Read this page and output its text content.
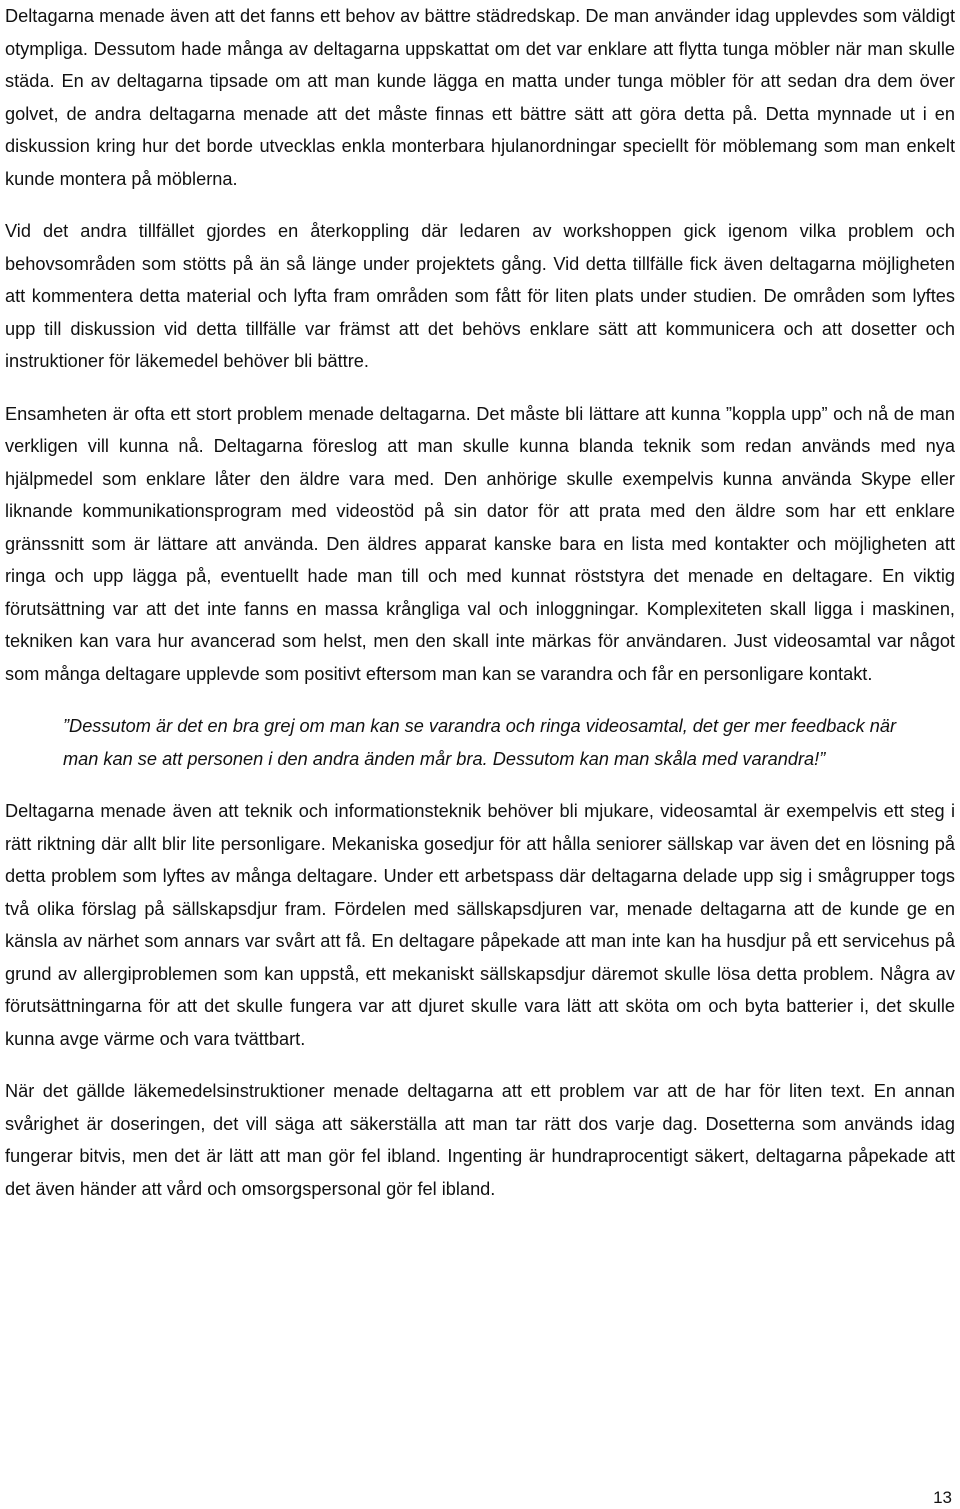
Deltagarna menade även att det fanns ett behov av bättre städredskap. De man använder idag upplevdes som väldigt otympliga. Dessutom hade många av deltagarna uppskattat om det var enklare att flytta tunga möbler när man skulle städa. En av deltagarna tipsade om att man kunde lägga en matta under tunga möbler för att sedan dra dem över golvet, de andra deltagarna menade att det måste finnas ett bättre sätt att göra detta på. Detta mynnade ut i en diskussion kring hur det borde utvecklas enkla monterbara hjulanordningar speciellt för möblemang som man enkelt kunde montera på möblerna.

Vid det andra tillfället gjordes en återkoppling där ledaren av workshoppen gick igenom vilka problem och behovsområden som stötts på än så länge under projektets gång. Vid detta tillfälle fick även deltagarna möjligheten att kommentera detta material och lyfta fram områden som fått för liten plats under studien. De områden som lyftes upp till diskussion vid detta tillfälle var främst att det behövs enklare sätt att kommunicera och att dosetter och instruktioner för läkemedel behöver bli bättre.

Ensamheten är ofta ett stort problem menade deltagarna. Det måste bli lättare att kunna ”koppla upp” och nå de man verkligen vill kunna nå. Deltagarna föreslog att man skulle kunna blanda teknik som redan används med nya hjälpmedel som enklare låter den äldre vara med. Den anhörige skulle exempelvis kunna använda Skype eller liknande kommunikationsprogram med videostöd på sin dator för att prata med den äldre som har ett enklare gränssnitt som är lättare att använda. Den äldres apparat kanske bara en lista med kontakter och möjligheten att ringa och upp lägga på, eventuellt hade man till och med kunnat röststyra det menade en deltagare. En viktig förutsättning var att det inte fanns en massa krångliga val och inloggningar. Komplexiteten skall ligga i maskinen, tekniken kan vara hur avancerad som helst, men den skall inte märkas för användaren. Just videosamtal var något som många deltagare upplevde som positivt eftersom man kan se varandra och får en personligare kontakt.

”Dessutom är det en bra grej om man kan se varandra och ringa videosamtal, det ger mer feedback när man kan se att personen i den andra änden mår bra. Dessutom kan man skåla med varandra!”

Deltagarna menade även att teknik och informationsteknik behöver bli mjukare, videosamtal är exempelvis ett steg i rätt riktning där allt blir lite personligare. Mekaniska gosedjur för att hålla seniorer sällskap var även det en lösning på detta problem som lyftes av många deltagare. Under ett arbetspass där deltagarna delade upp sig i smågrupper togs två olika förslag på sällskapsdjur fram. Fördelen med sällskapsdjuren var, menade deltagarna att de kunde ge en känsla av närhet som annars var svårt att få. En deltagare påpekade att man inte kan ha husdjur på ett servicehus på grund av allergiproblemen som kan uppstå, ett mekaniskt sällskapsdjur däremot skulle lösa detta problem. Några av förutsättningarna för att det skulle fungera var att djuret skulle vara lätt att sköta om och byta batterier i, det skulle kunna avge värme och vara tvättbart.

När det gällde läkemedelsinstruktioner menade deltagarna att ett problem var att de har för liten text. En annan svårighet är doseringen, det vill säga att säkerställa att man tar rätt dos varje dag. Dosetterna som används idag fungerar bitvis, men det är lätt att man gör fel ibland. Ingenting är hundraprocentigt säkert, deltagarna påpekade att det även händer att vård och omsorgspersonal gör fel ibland.

13
